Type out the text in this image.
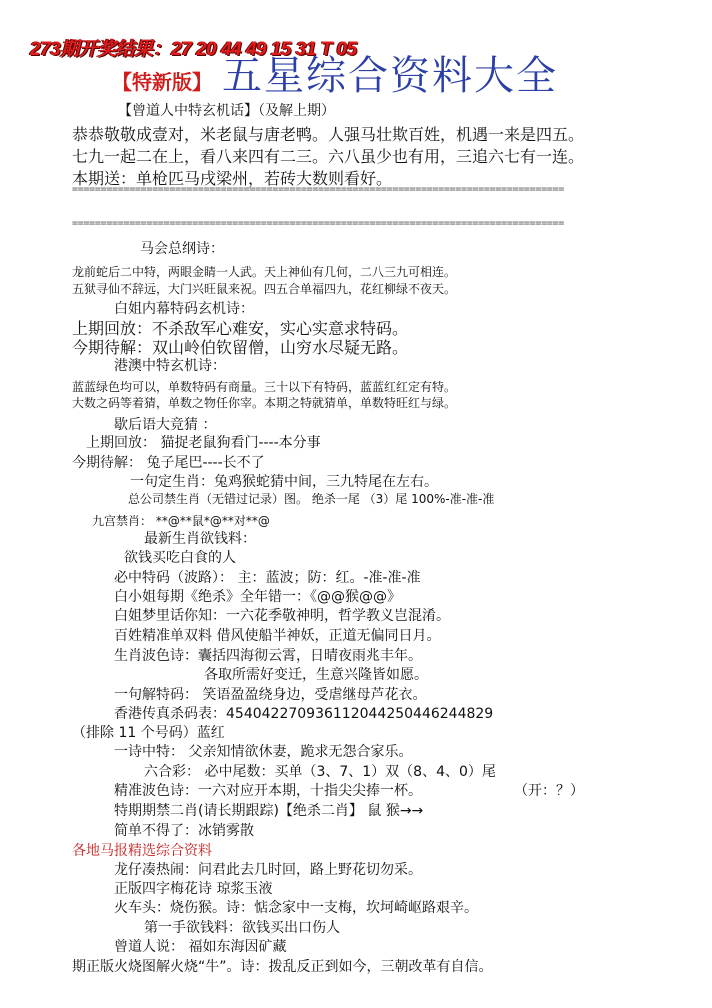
273期开奖结果：27 20 44 49 15 31 T 05
【特新版】 五星综合资料大全
【曾道人中特玄机话】（及解上期）
恭恭敬敬成壹对，米老鼠与唐老鸭。人强马壮欺百姓，机遇一来是四五。
七九一起二在上，看八来四有二三。六八虽少也有用，三追六七有一连。
本期送：单枪匹马戌梁州，若砖大数则看好。
======================================================================================
======================================================================================
马会总纲诗：
龙前蛇后二中特，两眼金睛一人武。天上神仙有几何，二八三九可相连。
五狱寻仙不辞远，大门兴旺鼠来祝。四五合单福四九，花红柳绿不夜天。
白姐内幕特码玄机诗：
上期回放：不杀敌军心难安，实心实意求特码。
今期待解：双山岭伯钦留僧，山穷水尽疑无路。
港澳中特玄机诗：
蓝蓝绿色均可以，单数特码有商量。三十以下有特码，蓝蓝红红定有特。
大数之码等着猜，单数之物任你宰。本期之特就猜单，单数特旺红与绿。
歇后语大竞猜 ：
上期回放： 猫捉老鼠狗看门----本分事
今期待解： 兔子尾巴----长不了
一句定生肖：兔鸡猴蛇猜中间，三九特尾在左右。
总公司禁生肖（无错过记录）图。 绝杀一尾 （3）尾 100%-准-准-准
九宫禁肖： **@**鼠*@**对**@
最新生肖欲钱料：
欲钱买吃白食的人
必中特码（波路）： 主：蓝波；防：红。-准-准-准
白小姐每期《绝杀》全年错一：《@@猴@@》
白姐梦里话你知：一六花季敬神明，哲学教义岂混淆。
百姓精准单双料 借风使船半神妖，正道无偏同日月。
生肖波色诗：囊括四海彻云霄，日晴夜雨兆丰年。
各取所需好变迁，生意兴隆皆如愿。
一句解特码： 笑语盈盈绕身边，受虐继母芦花衣。
香港传真杀码表：4540422709361120442504462448​29
（排除 11 个号码）蓝红
一诗中特： 父亲知情欲休妻，跪求无怨合家乐。
六合彩： 必中尾数：买单（3、7、1）双（8、4、0）尾
精准波色诗：一六对应开本期，十指尖尖捧一杯。	（开：？）
特期期禁二肖(请长期跟踪)【绝杀二肖】 鼠 猴→→
简单不得了：冰销雾散
各地马报精选综合资料
龙仔凑热闹：问君此去几时回，路上野花切勿采。
正版四字梅花诗 琼浆玉液
火车头：烧伤猴。诗：惦念家中一支梅，坎坷崎岖路艰辛。
第一手欲钱料：欲钱买出口伤人
曾道人说： 福如东海因矿藏
期正版火烧图解火烧“牛”。诗：拨乱反正到如今，三朝改革有自信。
